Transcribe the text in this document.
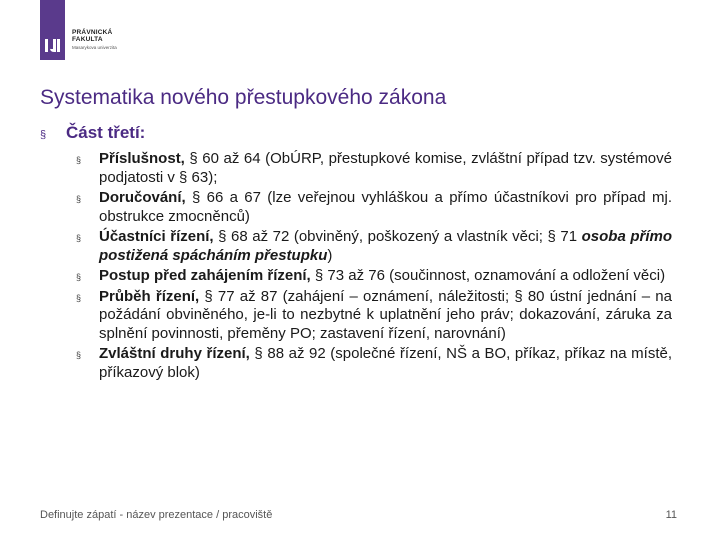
PRÁVNICKÁ
FAKULTA
Masarykova univerzita
Systematika nového přestupkového zákona
§	Část třetí:
§	Příslušnost, § 60 až 64 (ObÚRP, přestupkové komise, zvláštní případ tzv. systémové podjatosti v § 63);
§	Doručování, § 66 a 67 (lze veřejnou vyhláškou a přímo účastníkovi pro případ mj. obstrukce zmocněnců)
§	Účastníci řízení, § 68 až 72 (obviněný, poškozený a vlastník věci; § 71 osoba přímo postižená spácháním přestupku)
§	Postup před zahájením řízení, § 73 až 76 (součinnost, oznamování a odložení věci)
§	Průběh řízení, § 77 až 87 (zahájení – oznámení, náležitosti; § 80 ústní jednání – na požádání obviněného, je-li to nezbytné k uplatnění jeho práv; dokazování, záruka za splnění povinnosti, přeměny PO; zastavení řízení, narovnání)
§	Zvláštní druhy řízení, § 88 až 92 (společné řízení, NŠ a BO, příkaz, příkaz na místě, příkazový blok)
Definujte zápatí - název prezentace / pracoviště	11
